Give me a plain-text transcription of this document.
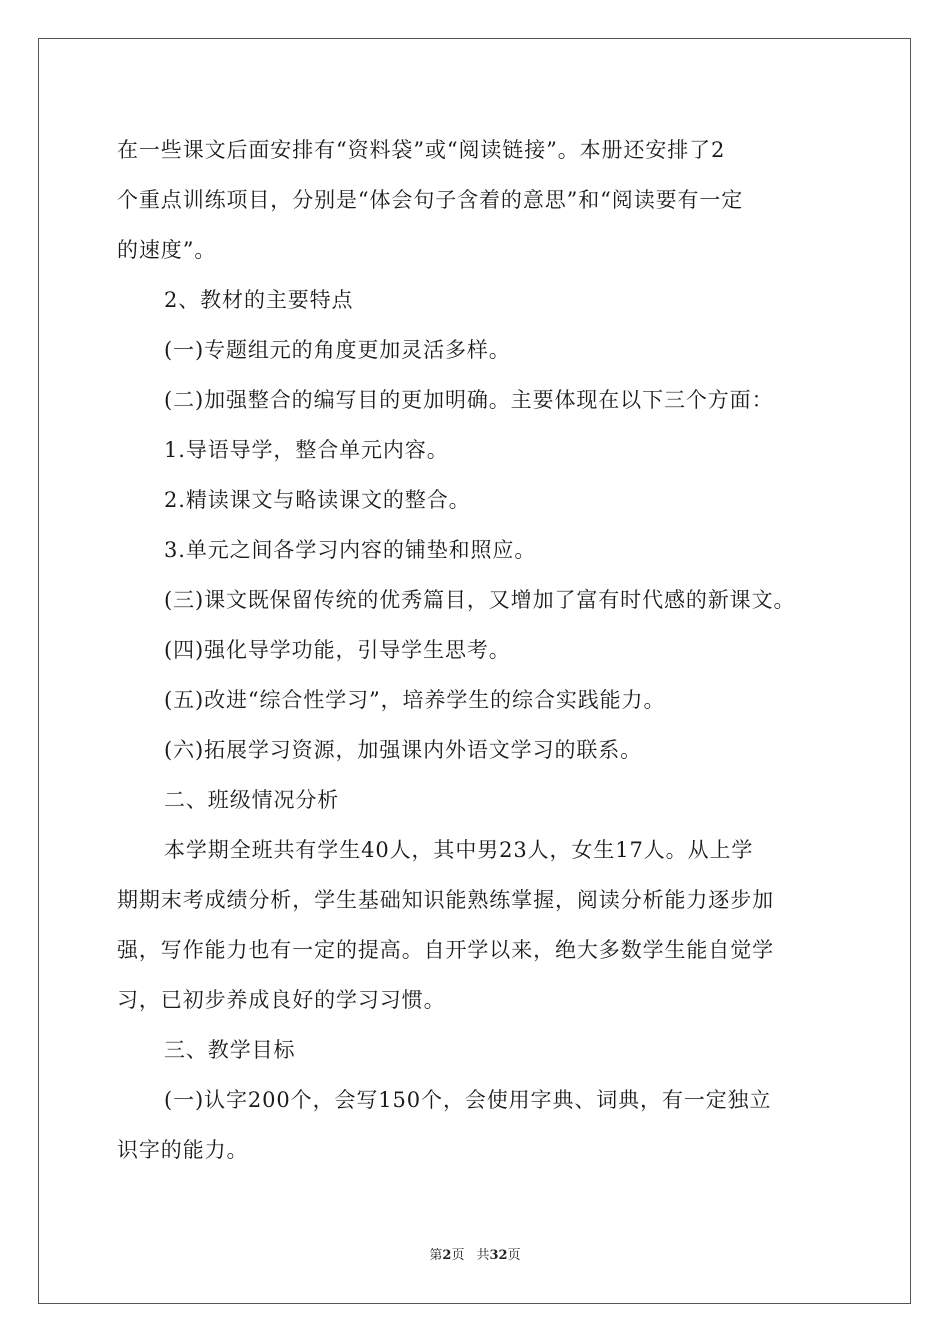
在一些课文后面安排有“资料袋”或“阅读链接”。本册还安排了2

个重点训练项目，分别是“体会句子含着的意思”和“阅读要有一定

的速度”。

2、教材的主要特点

(一)专题组元的角度更加灵活多样。

(二)加强整合的编写目的更加明确。主要体现在以下三个方面：

1.导语导学，整合单元内容。

2.精读课文与略读课文的整合。

3.单元之间各学习内容的铺垫和照应。

(三)课文既保留传统的优秀篇目，又增加了富有时代感的新课文。

(四)强化导学功能，引导学生思考。

(五)改进“综合性学习”，培养学生的综合实践能力。

(六)拓展学习资源，加强课内外语文学习的联系。

二、班级情况分析

本学期全班共有学生40人，其中男23人，女生17人。从上学

期期末考成绩分析，学生基础知识能熟练掌握，阅读分析能力逐步加

强，写作能力也有一定的提高。自开学以来，绝大多数学生能自觉学

习，已初步养成良好的学习习惯。

三、教学目标

(一)认字200个，会写150个，会使用字典、词典，有一定独立

识字的能力。

第2页 共32页
